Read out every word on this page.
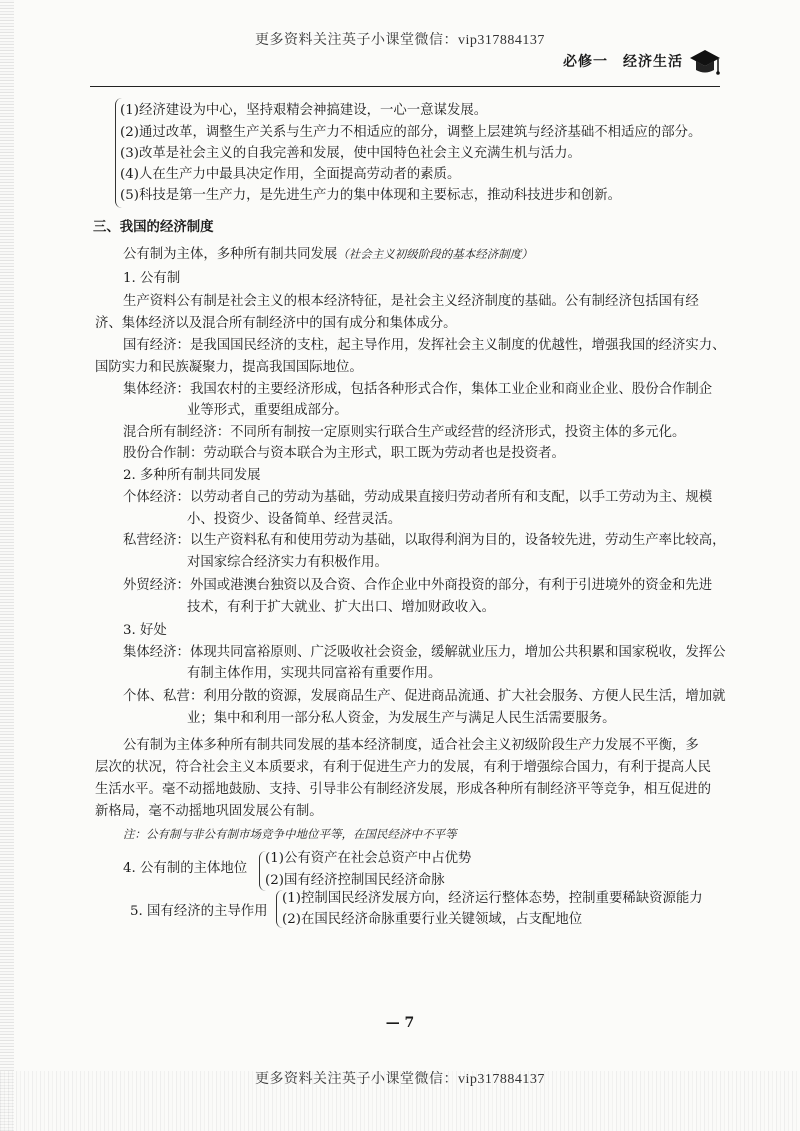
更多资料关注英子小课堂微信：vip317884137
必修一　经济生活
(1)经济建设为中心，坚持艰精会神搞建设，一心一意谋发展。
(2)通过改革，调整生产关系与生产力不相适应的部分，调整上层建筑与经济基础不相适应的部分。
(3)改革是社会主义的自我完善和发展，使中国特色社会主义充满生机与活力。
(4)人在生产力中最具决定作用，全面提高劳动者的素质。
(5)科技是第一生产力，是先进生产力的集中体现和主要标志，推动科技进步和创新。
三、我国的经济制度
公有制为主体，多种所有制共同发展（社会主义初级阶段的基本经济制度）
1. 公有制
生产资料公有制是社会主义的根本经济特征，是社会主义经济制度的基础。公有制经济包括国有经
济、集体经济以及混合所有制经济中的国有成分和集体成分。
国有经济：是我国国民经济的支柱，起主导作用，发挥社会主义制度的优越性，增强我国的经济实力、
国防实力和民族凝聚力，提高我国国际地位。
集体经济：我国农村的主要经济形成，包括各种形式合作，集体工业企业和商业企业、股份合作制企
业等形式，重要组成部分。
混合所有制经济：不同所有制按一定原则实行联合生产或经营的经济形式，投资主体的多元化。
股份合作制：劳动联合与资本联合为主形式，职工既为劳动者也是投资者。
2. 多种所有制共同发展
个体经济：以劳动者自己的劳动为基础，劳动成果直接归劳动者所有和支配，以手工劳动为主、规模
小、投资少、设备简单、经营灵活。
私营经济：以生产资料私有和使用劳动为基础，以取得利润为目的，设备较先进，劳动生产率比较高，
对国家综合经济实力有积极作用。
外贸经济：外国或港澳台独资以及合资、合作企业中外商投资的部分，有利于引进境外的资金和先进
技术，有利于扩大就业、扩大出口、增加财政收入。
3. 好处
集体经济：体现共同富裕原则、广泛吸收社会资金，缓解就业压力，增加公共积累和国家税收，发挥公
有制主体作用，实现共同富裕有重要作用。
个体、私营：利用分散的资源，发展商品生产、促进商品流通、扩大社会服务、方便人民生活，增加就
业；集中和利用一部分私人资金，为发展生产与满足人民生活需要服务。
公有制为主体多种所有制共同发展的基本经济制度，适合社会主义初级阶段生产力发展不平衡，多
层次的状况，符合社会主义本质要求，有利于促进生产力的发展，有利于增强综合国力，有利于提高人民
生活水平。毫不动摇地鼓励、支持、引导非公有制经济发展，形成各种所有制经济平等竞争，相互促进的
新格局，毫不动摇地巩固发展公有制。
注：公有制与非公有制市场竞争中地位平等，在国民经济中不平等
4. 公有制的主体地位
(1)公有资产在社会总资产中占优势
(2)国有经济控制国民经济命脉
5. 国有经济的主导作用
(1)控制国民经济发展方向，经济运行整体态势，控制重要稀缺资源能力
(2)在国民经济命脉重要行业关键领域，占支配地位
— 7
更多资料关注英子小课堂微信：vip317884137
